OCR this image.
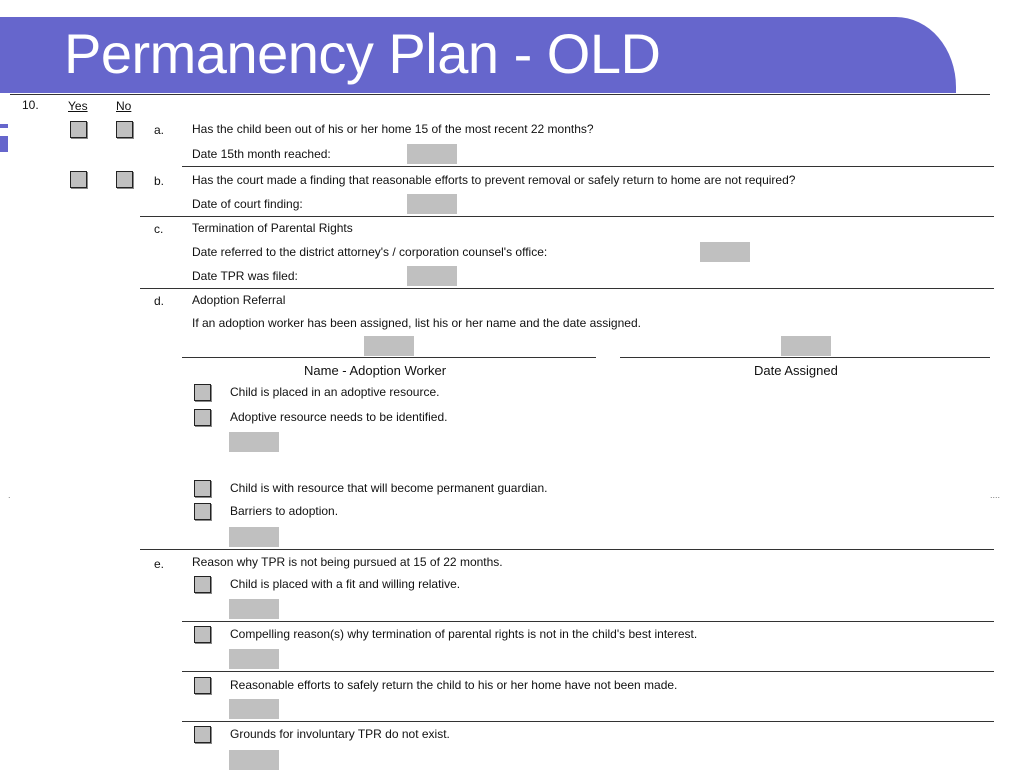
Permanency Plan - OLD
10. Yes No
a. Has the child been out of his or her home 15 of the most recent 22 months?
Date 15th month reached:
b. Has the court made a finding that reasonable efforts to prevent removal or safely return to home are not required?
Date of court finding:
c. Termination of Parental Rights
Date referred to the district attorney's / corporation counsel's office:
Date TPR was filed:
d. Adoption Referral
If an adoption worker has been assigned, list his or her name and the date assigned.
Name - Adoption Worker	Date Assigned
Child is placed in an adoptive resource.
Adoptive resource needs to be identified.
Child is with resource that will become permanent guardian.
Barriers to adoption.
.	....
e. Reason why TPR is not being pursued at 15 of 22 months.
Child is placed with a fit and willing relative.
Compelling reason(s) why termination of parental rights is not in the child's best interest.
Reasonable efforts to safely return the child to his or her home have not been made.
Grounds for involuntary TPR do not exist.
